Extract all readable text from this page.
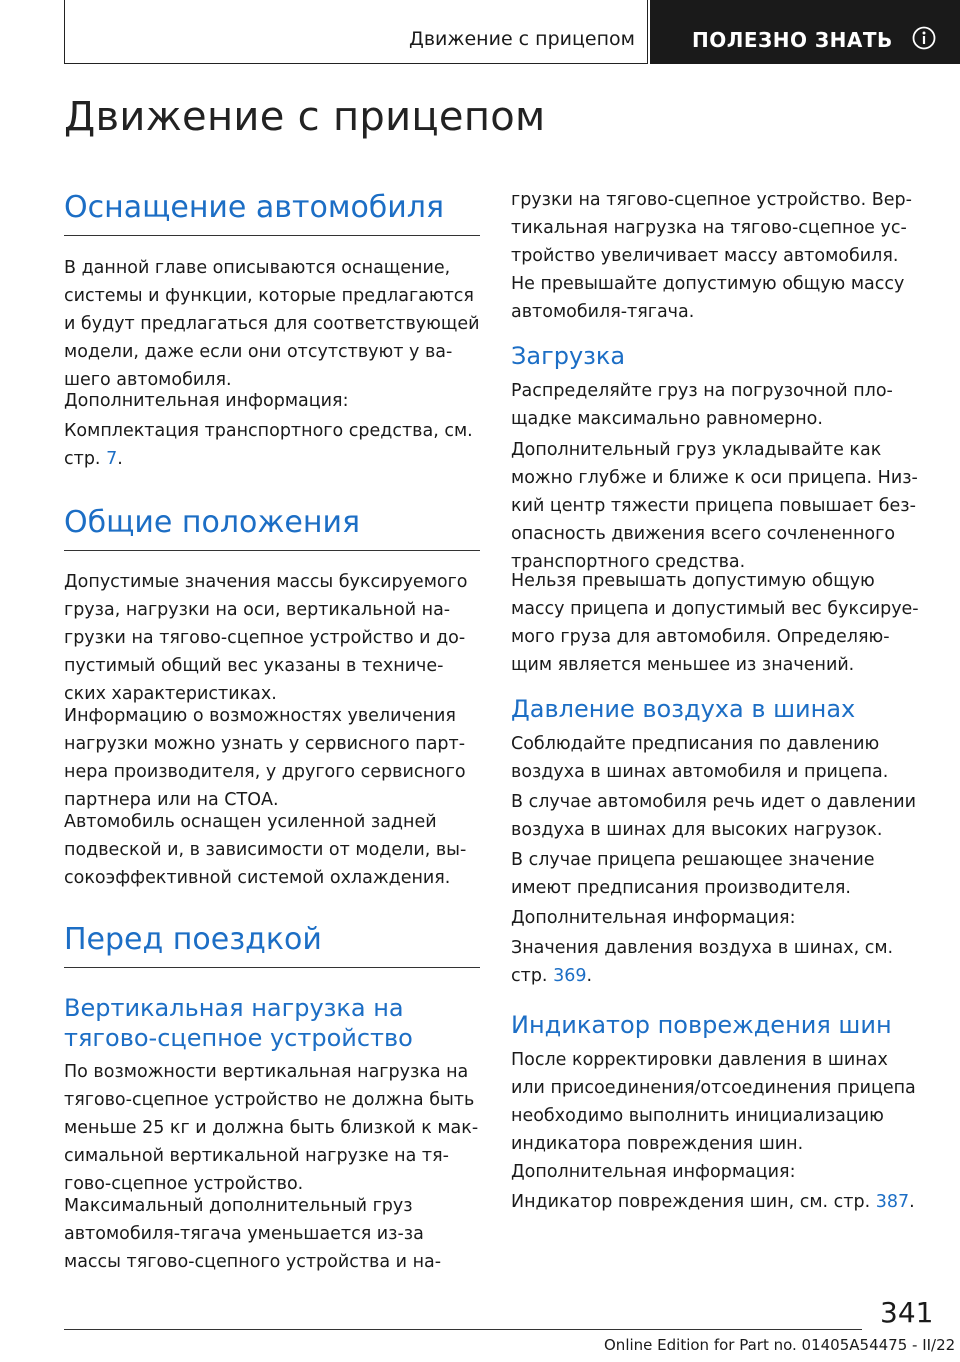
Движение с прицепом	ПОЛЕЗНО ЗНАТЬ
Движение с прицепом
Оснащение автомобиля

В данной главе описываются оснащение,
системы и функции, которые предлагаются
и будут предлагаться для соответствующей
модели, даже если они отсутствуют у ва-
шего автомобиля.

Дополнительная информация:

Комплектация транспортного средства, см.
стр. 7.

Общие положения

Допустимые значения массы буксируемого
груза, нагрузки на оси, вертикальной на-
грузки на тягово-сцепное устройство и до-
пустимый общий вес указаны в техниче-
ских характеристиках.

Информацию о возможностях увеличения
нагрузки можно узнать у сервисного парт-
нера производителя, у другого сервисного
партнера или на СТОА.

Автомобиль оснащен усиленной задней
подвеской и, в зависимости от модели, вы-
сокоэффективной системой охлаждения.

Перед поездкой
Вертикальная нагрузка на
тягово-сцепное устройство

По возможности вертикальная нагрузка на
тягово-сцепное устройство не должна быть
меньше 25 кг и должна быть близкой к мак-
симальной вертикальной нагрузке на тя-
гово-сцепное устройство.

Максимальный дополнительный груз
автомобиля-тягача уменьшается из-за
массы тягово-сцепного устройства и на-

грузки на тягово-сцепное устройство. Вер-
тикальная нагрузка на тягово-сцепное ус-
тройство увеличивает массу автомобиля.
Не превышайте допустимую общую массу
автомобиля-тягача.

Загрузка

Распределяйте груз на погрузочной пло-
щадке максимально равномерно.

Дополнительный груз укладывайте как
можно глубже и ближе к оси прицепа. Низ-
кий центр тяжести прицепа повышает без-
опасность движения всего сочлененного
транспортного средства.

Нельзя превышать допустимую общую
массу прицепа и допустимый вес буксируе-
мого груза для автомобиля. Определяю-
щим является меньшее из значений.

Давление воздуха в шинах

Соблюдайте предписания по давлению
воздуха в шинах автомобиля и прицепа.

В случае автомобиля речь идет о давлении
воздуха в шинах для высоких нагрузок.

В случае прицепа решающее значение
имеют предписания производителя.

Дополнительная информация:

Значения давления воздуха в шинах, см.
стр. 369.

Индикатор повреждения шин

После корректировки давления в шинах
или присоединения/отсоединения прицепа
необходимо выполнить инициализацию
индикатора повреждения шин.

Дополнительная информация:

Индикатор повреждения шин, см. стр. 387.

341
Online Edition for Part no. 01405A54475 - II/22
